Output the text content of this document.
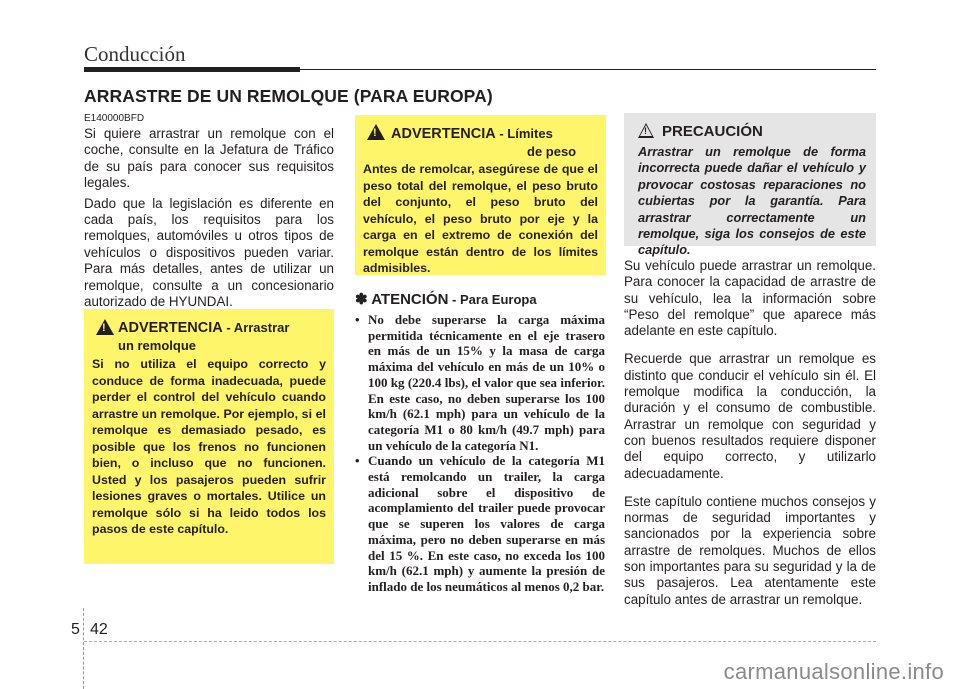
Conducción
ARRASTRE DE UN REMOLQUE (PARA EUROPA)
E140000BFD

Si quiere arrastrar un remolque con el coche, consulte en la Jefatura de Tráfico de su país para conocer sus requisitos legales.

Dado que la legislación es diferente en cada país, los requisitos para los remolques, automóviles u otros tipos de vehículos o dispositivos pueden variar. Para más detalles, antes de utilizar un remolque, consulte a un concesionario autorizado de HYUNDAI.

!
ADVERTENCIA - Arrastrar
un remolque
Si no utiliza el equipo correcto y conduce de forma inadecuada, puede perder el control del vehículo cuando arrastre un remolque. Por ejemplo, si el remolque es demasiado pesado, es posible que los frenos no funcionen bien, o incluso que no funcionen. Usted y los pasajeros pueden sufrir lesiones graves o mortales. Utilice un remolque sólo si ha leido todos los pasos de este capítulo.
!
ADVERTENCIA - Límites
de peso
Antes de remolcar, asegúrese de que el peso total del remolque, el peso bruto del conjunto, el peso bruto del vehículo, el peso bruto por eje y la carga en el extremo de conexión del remolque están dentro de los límites admisibles.
✽ ATENCIÓN - Para Europa
• No debe superarse la carga máxima permitida técnicamente en el eje trasero en más de un 15% y la masa de carga máxima del vehículo en más de un 10% o 100 kg (220.4 lbs), el valor que sea inferior. En este caso, no deben superarse los 100 km/h (62.1 mph) para un vehículo de la categoría M1 o 80 km/h (49.7 mph) para un vehículo de la categoría N1.
• Cuando un vehículo de la categoría M1 está remolcando un trailer, la carga adicional sobre el dispositivo de acomplamiento del trailer puede provocar que se superen los valores de carga máxima, pero no deben superarse en más del 15 %. En este caso, no exceda los 100 km/h (62.1 mph) y aumente la presión de inflado de los neumáticos al menos 0,2 bar.
!
PRECAUCIÓN
Arrastrar un remolque de forma incorrecta puede dañar el vehículo y provocar costosas reparaciones no cubiertas por la garantía. Para arrastrar correctamente un remolque, siga los consejos de este capítulo.

Su vehículo puede arrastrar un remolque. Para conocer la capacidad de arrastre de su vehículo, lea la información sobre “Peso del remolque” que aparece más adelante en este capítulo.

Recuerde que arrastrar un remolque es distinto que conducir el vehículo sin él. El remolque modifica la conducción, la duración y el consumo de combustible. Arrastrar un remolque con seguridad y con buenos resultados requiere disponer del equipo correcto, y utilizarlo adecuadamente.

Este capítulo contiene muchos consejos y normas de seguridad importantes y sancionados por la experiencia sobre arrastre de remolques. Muchos de ellos son importantes para su seguridad y la de sus pasajeros. Lea atentamente este capítulo antes de arrastrar un remolque.

5 42
carmanualsonline.info
